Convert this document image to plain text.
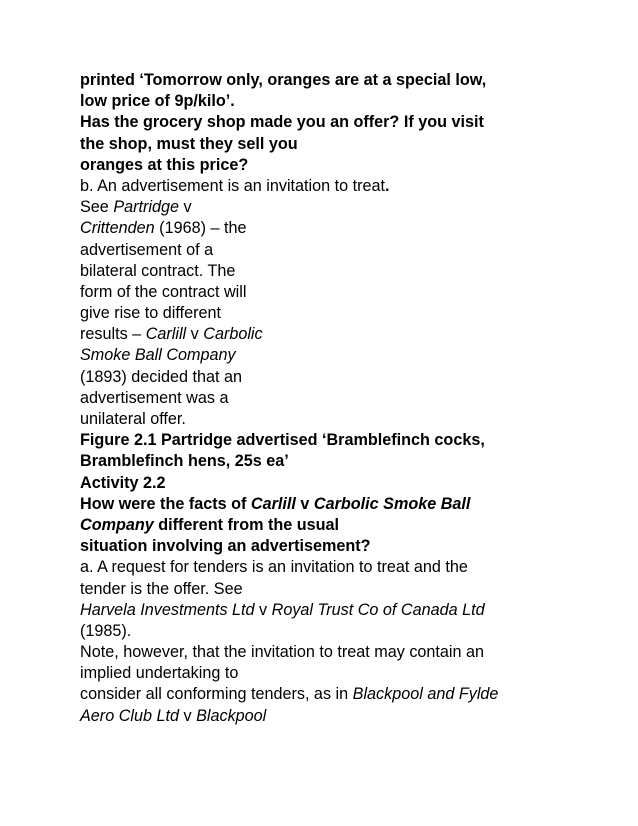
printed ‘Tomorrow only, oranges are at a special low,
low price of 9p/kilo’.
Has the grocery shop made you an offer? If you visit
the shop, must they sell you
oranges at this price?
b. An advertisement is an invitation to treat.
See Partridge v
Crittenden (1968) – the
advertisement of a
bilateral contract. The
form of the contract will
give rise to different
results – Carlill v Carbolic
Smoke Ball Company
(1893) decided that an
advertisement was a
unilateral offer.
Figure 2.1 Partridge advertised ‘Bramblefinch cocks,
Bramblefinch hens, 25s ea’
Activity 2.2
How were the facts of Carlill v Carbolic Smoke Ball
Company different from the usual
situation involving an advertisement?
a. A request for tenders is an invitation to treat and the
tender is the offer. See
Harvela Investments Ltd v Royal Trust Co of Canada Ltd
(1985).
Note, however, that the invitation to treat may contain an
implied undertaking to
consider all conforming tenders, as in Blackpool and Fylde
Aero Club Ltd v Blackpool
